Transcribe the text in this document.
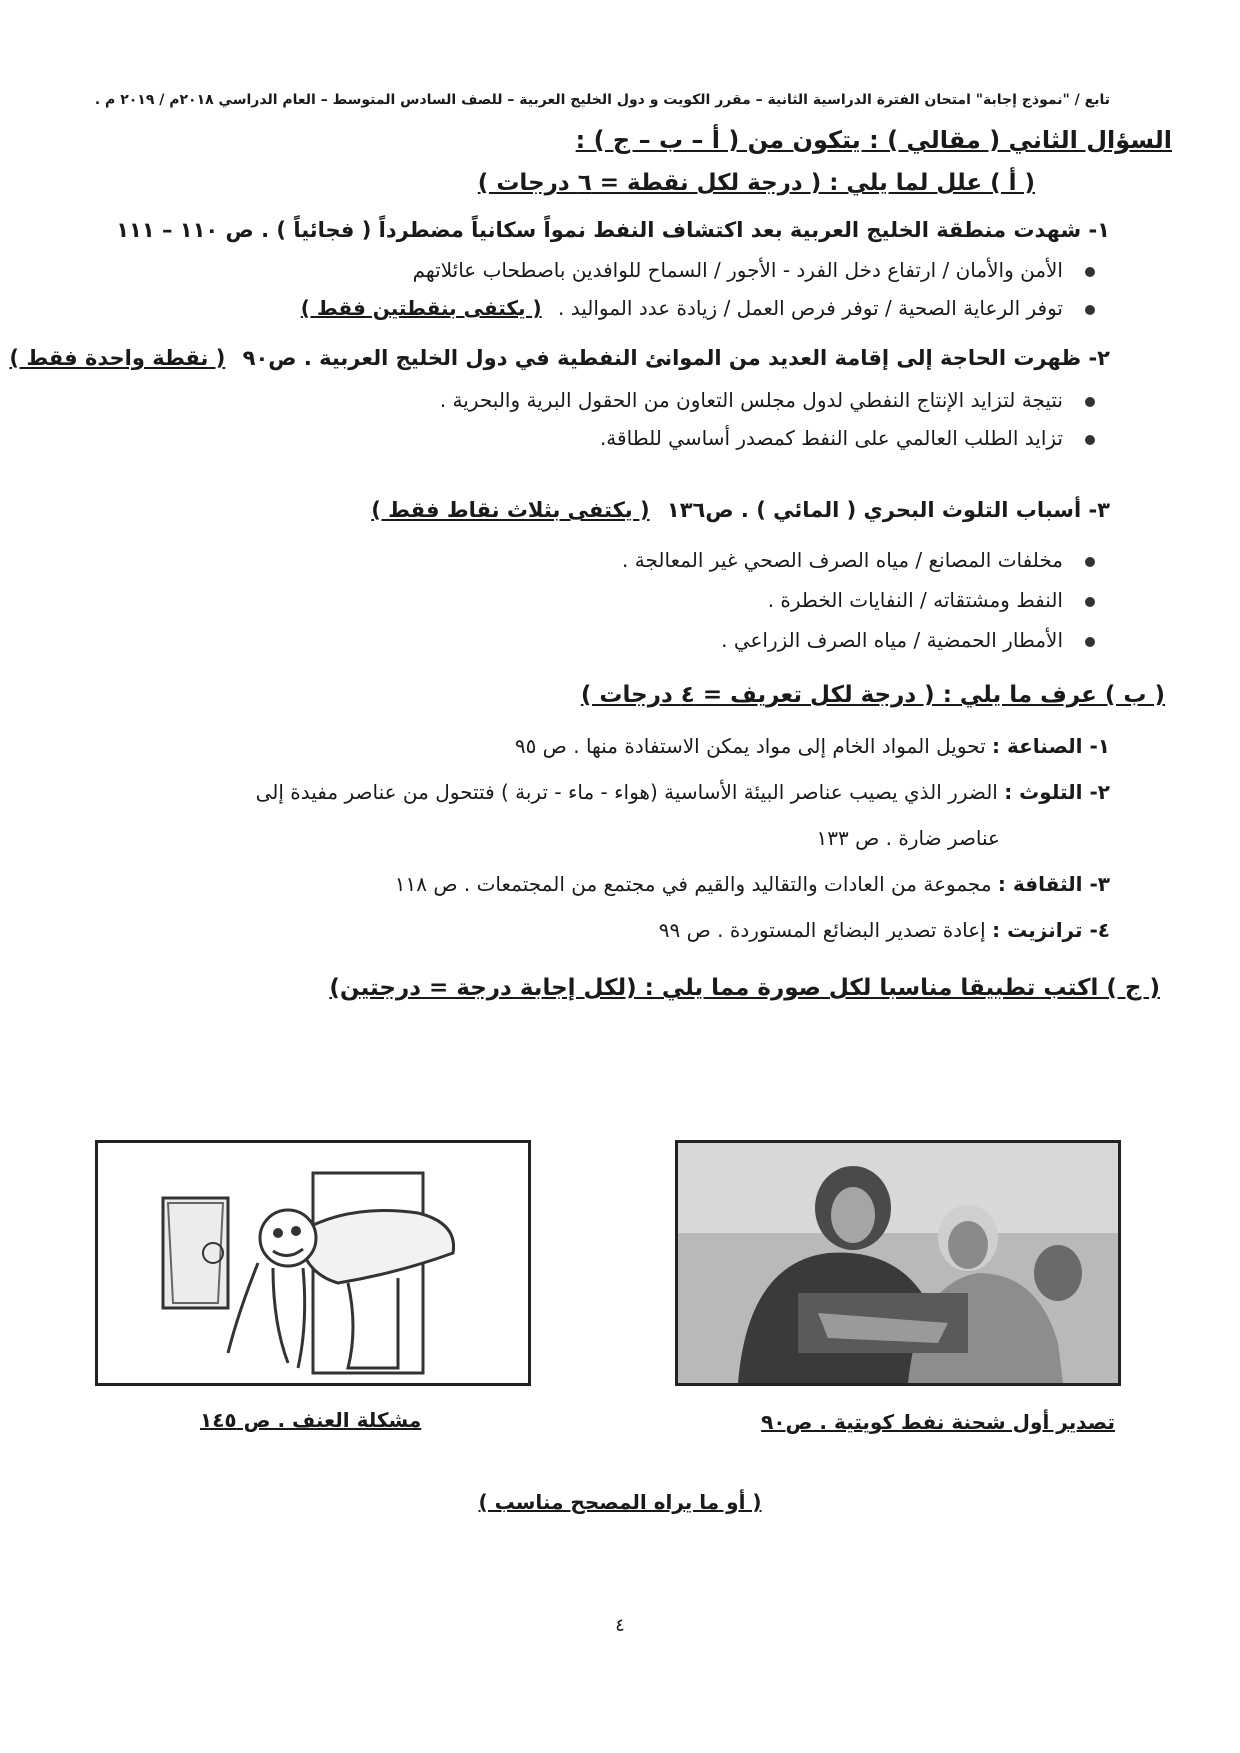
تابع / "نموذج إجابة" امتحان الفترة الدراسية الثانية – مقرر الكويت و دول الخليج العربية – للصف السادس المتوسط – العام الدراسي ٢٠١٨م / ٢٠١٩ م .
السؤال الثاني ( مقالي ) : يتكون من ( أ – ب – ج ) :
( أ ) علل لما يلي : ( درجة لكل نقطة = ٦ درجات )
١- شهدت منطقة الخليج العربية بعد اكتشاف النفط نمواً سكانياً مضطرداً ( فجائياً ) . ص ١١٠ – ١١١
الأمن والأمان / ارتفاع دخل الفرد - الأجور / السماح للوافدين باصطحاب عائلاتهم
توفر الرعاية الصحية / توفر فرص العمل / زيادة عدد المواليد . ( يكتفى بنقطتين فقط )
٢- ظهرت الحاجة إلى إقامة العديد من الموانئ النفطية في دول الخليج العربية . ص٩٠ ( نقطة واحدة فقط )
نتيجة لتزايد الإنتاج النفطي لدول مجلس التعاون من الحقول البرية والبحرية .
تزايد الطلب العالمي على النفط كمصدر أساسي للطاقة.
٣- أسباب التلوث البحري ( المائي ) . ص١٣٦ ( يكتفى بثلاث نقاط فقط )
مخلفات المصانع / مياه الصرف الصحي غير المعالجة .
النفط ومشتقاته / النفايات الخطرة .
الأمطار الحمضية / مياه الصرف الزراعي .
( ب ) عرف ما يلي : ( درجة لكل تعريف = ٤ درجات )
١- الصناعة : تحويل المواد الخام إلى مواد يمكن الاستفادة منها . ص ٩٥
٢- التلوث : الضرر الذي يصيب عناصر البيئة الأساسية (هواء - ماء - تربة ) فتتحول من عناصر مفيدة إلى
عناصر ضارة . ص ١٣٣
٣- الثقافة : مجموعة من العادات والتقاليد والقيم في مجتمع من المجتمعات . ص ١١٨
٤- ترانزيت : إعادة تصدير البضائع المستوردة . ص ٩٩
( ج ) اكتب تطبيقا مناسبا لكل صورة مما يلي : (لكل إجابة درجة = درجتين)
تصدير أول شحنة نفط كويتية . ص٩٠
مشكلة العنف . ص ١٤٥
( أو ما يراه المصحح مناسب )
٤
